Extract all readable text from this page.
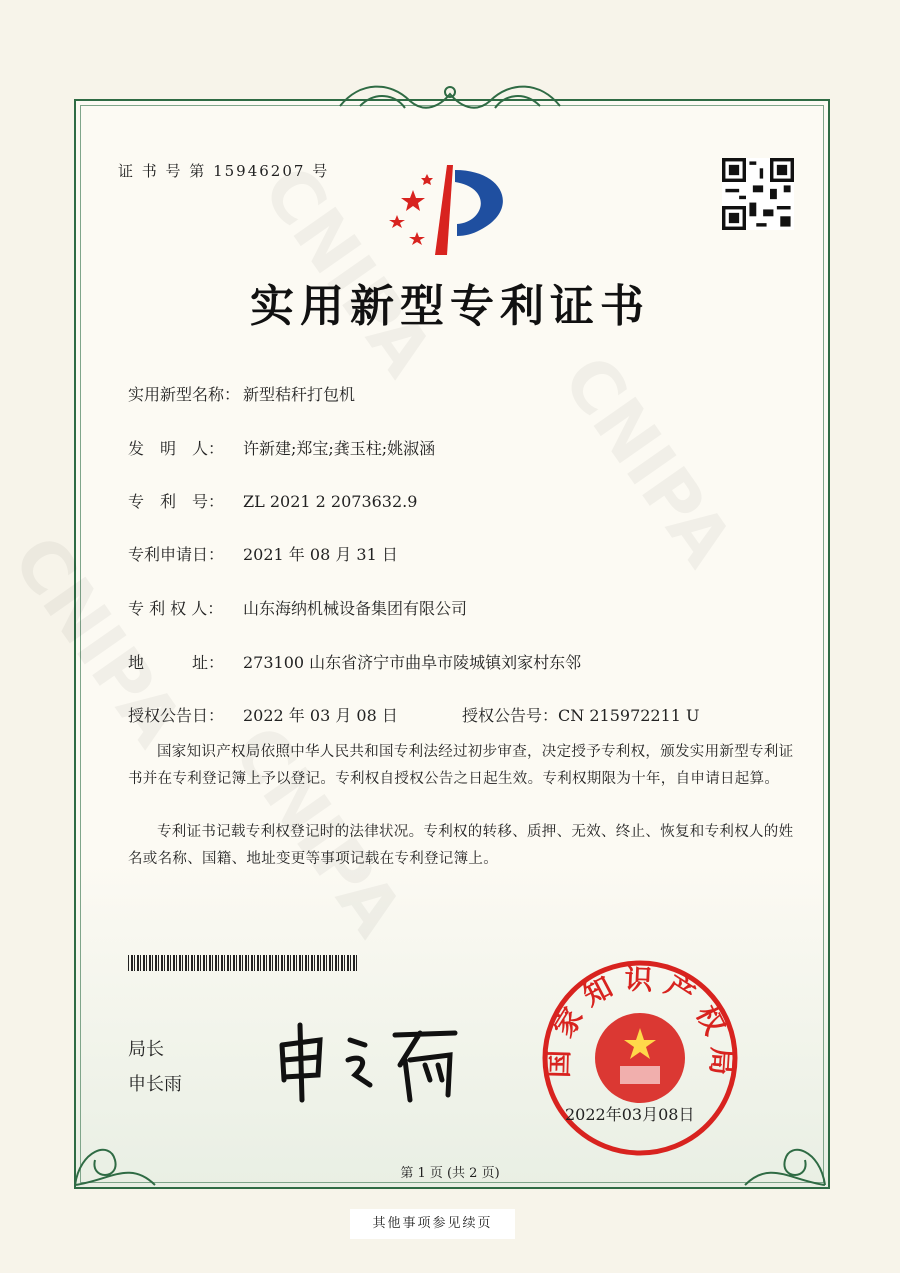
证 书 号 第 15946207 号
实用新型专利证书
实用新型名称： 新型秸秆打包机
发　明　人： 许新建;郑宝;龚玉柱;姚淑涵
专　利　号： ZL 2021 2 2073632.9
专利申请日： 2021 年 08 月 31 日
专 利 权 人： 山东海纳机械设备集团有限公司
地　　　址： 273100 山东省济宁市曲阜市陵城镇刘家村东邻
授权公告日： 2022 年 03 月 08 日	授权公告号：CN 215972211 U
国家知识产权局依照中华人民共和国专利法经过初步审查，决定授予专利权，颁发实用新型专利证书并在专利登记簿上予以登记。专利权自授权公告之日起生效。专利权期限为十年，自申请日起算。
专利证书记载专利权登记时的法律状况。专利权的转移、质押、无效、终止、恢复和专利权人的姓名或名称、国籍、地址变更等事项记载在专利登记簿上。
局长
申长雨
国家知识产权局
2022年03月08日
第 1 页 (共 2 页)
其他事项参见续页
